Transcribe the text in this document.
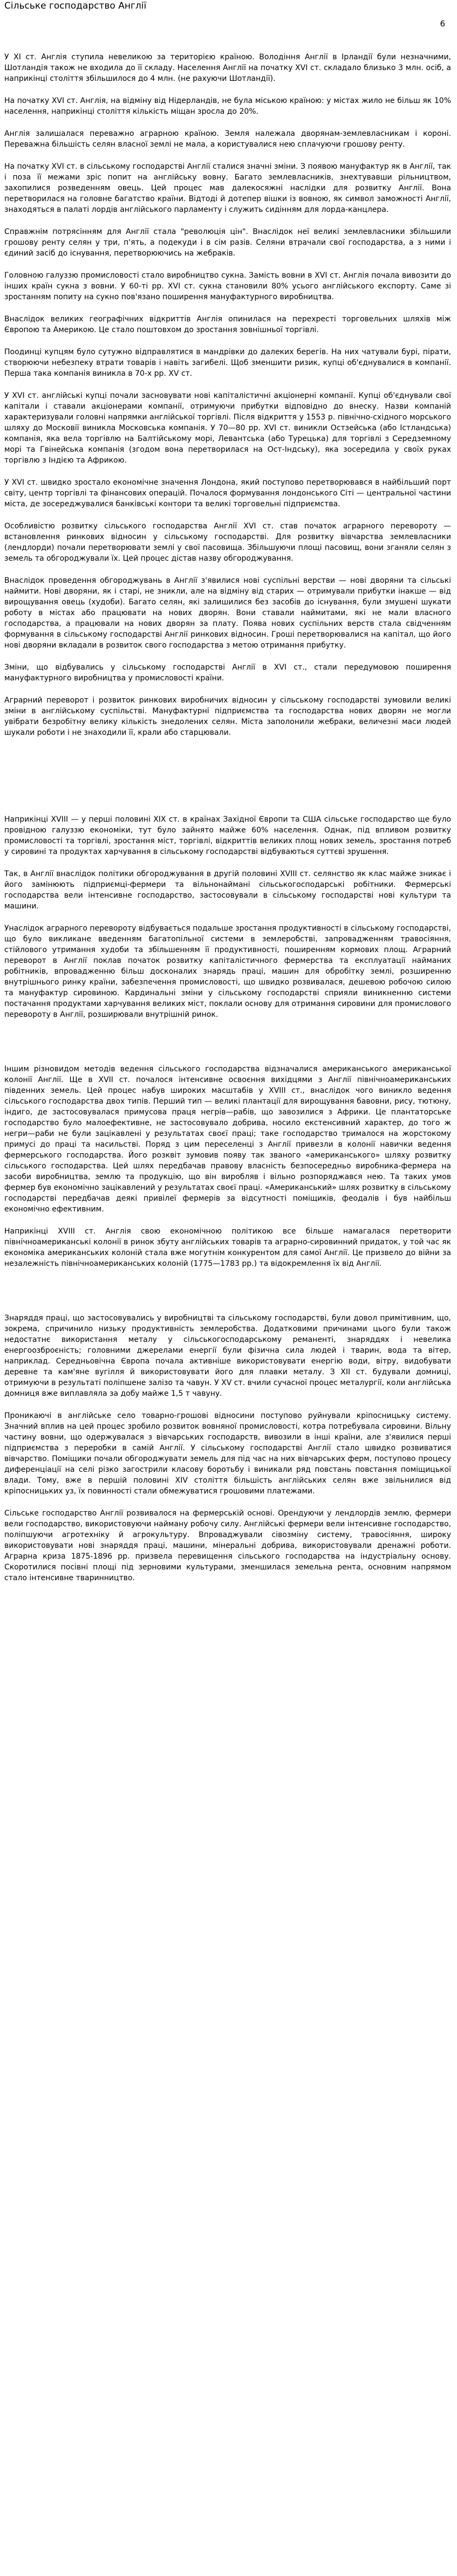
Сільське господарство Англії
6

У XI ст. Англія ступила невеликою за територією країною. Володіння Англії в Ірландії були незначними, Шотландія також не входила до її складу. Населення Англії на початку XVI ст. складало близько 3 млн. осіб, а наприкінці століття збільшилося до 4 млн. (не рахуючи Шотландії).

На початку XVI ст. Англія, на відміну від Нідерландів, не була міською країною: у містах жило не більш як 10% населення, наприкінці століття кількість міщан зросла до 20%.

Англія залишалася переважно аграрною країною. Земля належала дворянам-землевласникам і короні. Переважна більшість селян власної землі не мала, а користувалися нею сплачуючи грошову ренту.

На початку XVI ст. в сільському господарстві Англії сталися значні зміни. З появою мануфактур як в Англії, так і поза її межами зріс попит на англійську вовну. Багато землевласників, знехтувавши рільництвом, захопилися розведенням овець. Цей процес мав далекосяжні наслідки для розвитку Англії. Вона перетворилася на головне багатство країни. Відтоді й дотепер вішки із вовною, як символ заможності Англії, знаходяться в палаті лордів англійського парламенту і служить сидінням для лорда-канцлера.

Справжнім потрясінням для Англії стала "революція цін". Внаслідок неї великі землевласники збільшили грошову ренту селян у три, п'ять, а подекуди і в сім разів. Селяни втрачали свої господарства, а з ними і єдиний засіб до існування, перетворюючись на жебраків.

Головною галуззю промисловості стало виробництво сукна. Замість вовни в XVI ст. Англія почала вивозити до інших країн сукна з вовни. У 60-ті рр. XVI ст. сукна становили 80% усього англійського експорту. Саме зі зростанням попиту на сукно пов'язано поширення мануфактурного виробництва.

Внаслідок великих географічних відкриттів Англія опинилася на перехресті торговельних шляхів між Європою та Америкою. Це стало поштовхом до зростання зовнішньої торгівлі.

Поодинці купцям було сутужно відправлятися в мандрівки до далеких берегів. На них чатували бурі, пірати, створюючи небезпеку втрати товарів і навіть загибелі. Щоб зменшити ризик, купці об'єднувалися в компанії. Перша така компанія виникла в 70-х рр. XV ст.

У XVI ст. англійські купці почали засновувати нові капіталістичні акціонерні компанії. Купці об'єднували свої капітали і ставали акціонерами компанії, отримуючи прибутки відповідно до внеску. Назви компаній характеризували головні напрямки англійської торгівлі. Після відкриття у 1553 р. північно-східного морського шляху до Московії виникла Московська компанія. У 70—80 рр. XVI ст. виникли Остзейська (або Істландська) компанія, яка вела торгівлю на Балтійському морі, Левантська (або Турецька) для торгівлі з Середземному морі та Гвінейська компанія (згодом вона перетворилася на Ост-Індську), яка зосередила у своїх руках торгівлю з Індією та Африкою.

У XVI ст. швидко зростало економічне значення Лондона, який поступово перетворювався в найбільший порт світу, центр торгівлі та фінансових операцій. Почалося формування лондонського Сіті — центральної частини міста, де зосереджувалися банківські контори та великі торговельні підприємства.

Особливістю розвитку сільського господарства Англії XVI ст. став початок аграрного перевороту — встановлення ринкових відносин у сільському господарстві. Для розвитку вівчарства землевласники (лендлорди) почали перетворювати землі у свої пасовища. Збільшуючи площі пасовищ, вони зганяли селян з земель та обгороджували їх. Цей процес дістав назву обгороджування.

Внаслідок проведення обгороджувань в Англії з'явилися нові суспільні верстви — нові дворяни та сільські наймити. Нові дворяни, як і старі, не зникли, але на відміну від старих — отримували прибутки інакше — від вирощування овець (худоби). Багато селян, які залишилися без засобів до існування, були змушені шукати роботу в містах або працювати на нових дворян. Вони ставали наймитами, які не мали власного господарства, а працювали на нових дворян за плату. Поява нових суспільних верств стала свідченням формування в сільському господарстві Англії ринкових відносин. Гроші перетворювалися на капітал, що його нові дворяни вкладали в розвиток свого господарства з метою отримання прибутку.

Зміни, що відбувались у сільському господарстві Англії в XVI ст., стали передумовою поширення мануфактурного виробництва у промисловості країни.

Аграрний переворот і розвиток ринкових виробничих відносин у сільському господарстві зумовили великі зміни в англійському суспільстві. Мануфактурні підприємства та господарства нових дворян не могли увібрати безробітну велику кількість знедолених селян. Міста заполонили жебраки, величезні маси людей шукали роботи і не знаходили її, крали або старцювали.

Наприкінці XVIII — у перші половині XIX ст. в країнах Західної Європи та США сільське господарство ще було провідною галуззю економіки, тут було зайнято майже 60% населення. Однак, під впливом розвитку промисловості та торгівлі, зростання міст, торгівлі, відкриттів великих площ нових земель, зростання потреб у сировині та продуктах харчування в сільському господарстві відбуваються суттєві зрушення.

Так, в Англії внаслідок політики обгороджування в другій половині XVIII ст. селянство як клас майже зникає і його замінюють підприємці-фермери та вільнонаймані сільськогосподарські робітники. Фермерські господарства вели інтенсивне господарство, застосовували в сільському господарстві нові культури та машини.

Унаслідок аграрного перевороту відбувається подальше зростання продуктивності в сільському господарстві, що було викликане введенням багатопільної системи в землеробстві, запровадженням травосіяння, стійлового утримання худоби та збільшенням її продуктивності, поширенням кормових площ. Аграрний переворот в Англії поклав початок розвитку капіталістичного фермерства та експлуатації найманих робітників, впровадженню більш досконалих знарядь праці, машин для обробітку землі, розширенню внутрішнього ринку країни, забезпечення промисловості, що швидко розвивалася, дешевою робочою силою та мануфактур сировиною. Кардинальні зміни у сільському господарстві сприяли виникненню системи постачання продуктами харчування великих міст, поклали основу для отримання сировини для промислового перевороту в Англії, розширювали внутрішній ринок.

Іншим різновидом методів ведення сільського господарства відзначалися американського американської колонії Англії. Ще в XVII ст. почалося інтенсивне освоєння вихідцями з Англії північноамериканських південних земель. Цей процес набув широких масштабів у XVIII ст., внаслідок чого виникло ведення сільського господарства двох типів. Перший тип — великі плантації для вирощування бавовни, рису, тютюну, індиго, де застосовувалася примусова праця негрів—рабів, що завозилися з Африки. Це плантаторське господарство було малоефективне, не застосовувало добрива, носило екстенсивний характер, до того ж негри—раби не були зацікавлені у результатах своєї праці; таке господарство трималося на жорстокому примусі до праці та насильстві. Поряд з цим переселенці з Англії привезли в колонії навички ведення фермерського господарства. Його розквіт зумовив появу так званого «американського» шляху розвитку сільського господарства. Цей шлях передбачав правову власність безпосередньо виробника-фермера на засоби виробництва, землю та продукцію, що він виробляв і вільно розпоряджався нею. Та таких умов фермер був економічно зацікавлений у результатах своєї праці. «Американський» шлях розвитку в сільському господарстві передбачав деякі привілеї фермерів за відсутності поміщиків, феодалів і був найбільш економічно ефективним.

Наприкінці XVIII ст. Англія свою економічною політикою все більше намагалася перетворити північноамериканські колонії в ринок збуту англійських товарів та аграрно-сировинний придаток, у той час як економіка американських колоній стала вже могутнім конкурентом для самої Англії. Це призвело до війни за незалежність північноамериканських колоній (1775—1783 рр.) та відокремлення їх від Англії.

Знаряддя праці, що застосовувались у виробництві та сільському господарстві, були довол примітивним, що, зокрема, спричинило низьку продуктивність землеробства. Додатковими причинами цього були також недостатнє використання металу у сільськогосподарському реманенті, знаряддях і невелика енергоозброєність; головними джерелами енергії були фізична сила людей і тварин, вода та вітер, наприклад. Середньовічна Європа почала активніше використовувати енергію води, вітру, видобувати деревне та кам'яне вугілля й використовувати його для плавки металу. З XII ст. будували домниці, отримуючи в результаті поліпшене залізо та чавун. У XV ст. вчили сучасної процес металургії, коли англійська домниця вже виплавляла за добу майже 1,5 т чавуну.

Проникаючі в англійське село товарно-грошові відносини поступово руйнували кріпосницьку систему. Значний вплив на цей процес зробило розвиток вовняної промисловості, котра потребувала сировини. Вільну частину вовни, що одержувалася з вівчарських господарств, вивозили в інші країни, але з'явилися перші підприємства з переробки в самій Англії. У сільському господарстві Англії стало швидко розвиватися вівчарство. Поміщики почали обгороджувати земель для під час на них вівчарських ферм, поступово процесу диференціації на селі різко загострили класову боротьбу і виникали ряд повстань повстання поміщицької влади. Тому, вже в першій половині XIV століття більшість англійських селян вже звільнилися від кріпосницьких уз, їх повинності стали обмежуватися грошовими платежами.

Сільське господарство Англії розвивалося на фермерській основі. Орендуючи у лендлордів землю, фермери вели господарство, використовуючи найману робочу силу. Англійські фермери вели інтенсивне господарство, поліпшуючи агротехніку й агрокультуру. Впроваджували сівозміну систему, травосіяння, широку використовувати нові знаряддя праці, машини, мінеральні добрива, використовували дренажні роботи. Аграрна криза 1875-1896 рр. призвела перевищення сільського господарства на індустріальну основу. Скоротилися посівні площі під зерновими культурами, зменшилася земельна рента, основним напрямом стало інтенсивне тваринництво.
